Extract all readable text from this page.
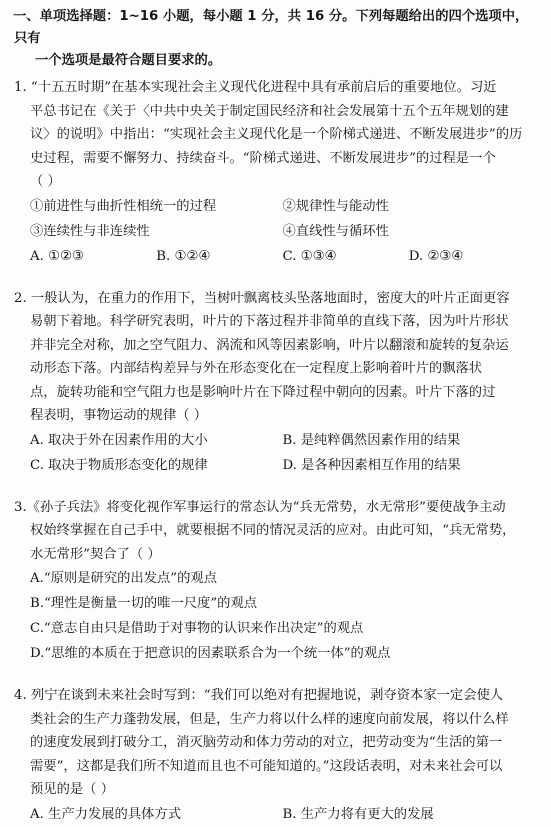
一、单项选择题：1~16 小题，每小题 1 分，共 16 分。下列每题给出的四个选项中，只有
一个选项是最符合题目要求的。
1. “十五五时期”在基本实现社会主义现代化进程中具有承前启后的重要地位。习近
平总书记在《关于〈中共中央关于制定国民经济和社会发展第十五个五年规划的建
议〉的说明》中指出：“实现社会主义现代化是一个阶梯式递进、不断发展进步”的历
史过程，需要不懈努力、持续奋斗。“阶梯式递进、不断发展进步”的过程是一个
（ ）
①前进性与曲折性相统一的过程	②规律性与能动性
③连续性与非连续性	④直线性与循环性
A. ①②③	B. ①②④	C. ①③④	D. ②③④
2. 一般认为，在重力的作用下，当树叶飘离枝头坠落地面时，密度大的叶片正面更容
易朝下着地。科学研究表明，叶片的下落过程并非简单的直线下落，因为叶片形状
并非完全对称，加之空气阻力、涡流和风等因素影响，叶片以翻滚和旋转的复杂运
动形态下落。内部结构差异与外在形态变化在一定程度上影响着叶片的飘落状
点，旋转功能和空气阻力也是影响叶片在下降过程中朝向的因素。叶片下落的过
程表明，事物运动的规律（ ）
A. 取决于外在因素作用的大小	B. 是纯粹偶然因素作用的结果
C. 取决于物质形态变化的规律	D. 是各种因素相互作用的结果
3.《孙子兵法》将变化视作军事运行的常态认为“兵无常势，水无常形”要使战争主动
权始终掌握在自己手中，就要根据不同的情况灵活的应对。由此可知，“兵无常势，
水无常形”契合了（ ）
A.“原则是研究的出发点”的观点
B.“理性是衡量一切的唯一尺度”的观点
C.“意志自由只是借助于对事物的认识来作出决定”的观点
D.“思维的本质在于把意识的因素联系合为一个统一体”的观点
4. 列宁在谈到未来社会时写到：“我们可以绝对有把握地说，剥夺资本家一定会使人
类社会的生产力蓬勃发展，但是，生产力将以什么样的速度向前发展，将以什么样
的速度发展到打破分工，消灭脑劳动和体力劳动的对立，把劳动变为“生活的第一
需要”，这都是我们所不知道而且也不可能知道的。”这段话表明，对未来社会可以
预见的是（ ）
A. 生产力发展的具体方式	B. 生产力将有更大的发展
